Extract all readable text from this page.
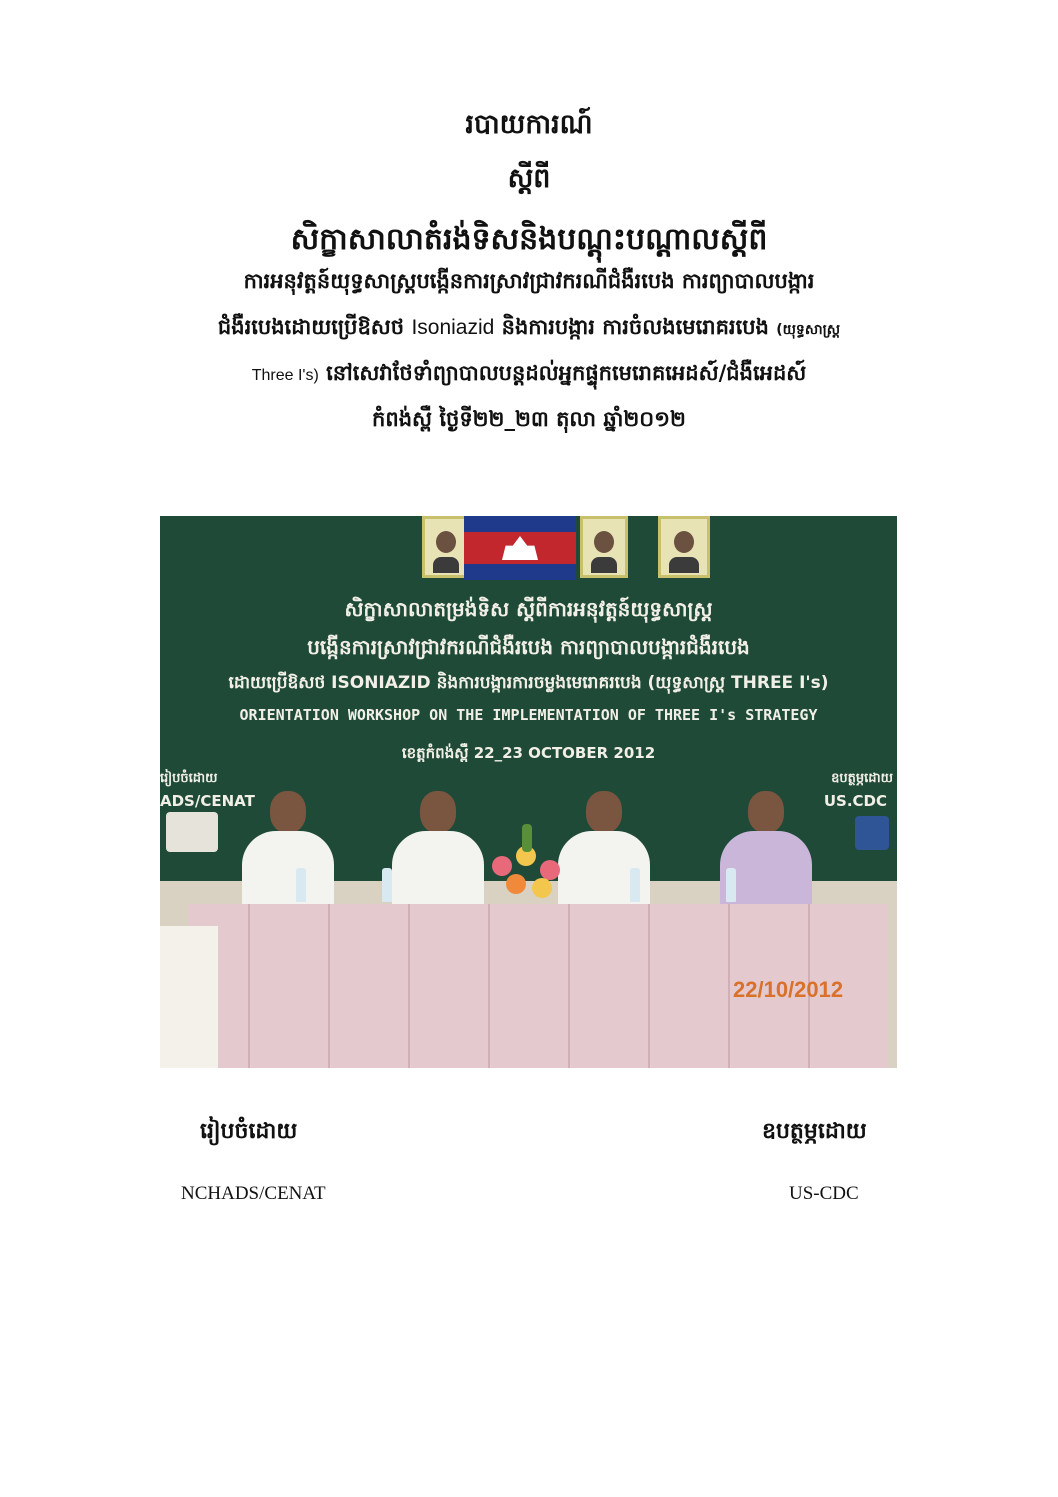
របាយការណ៍
ស្តីពី
សិក្ខាសាលាតំរង់ទិសនិងបណ្តុះបណ្តាលស្តីពី
ការអនុវត្តន៍យុទ្ធសាស្ត្របង្កើនការស្រាវជ្រាវករណីជំងឺរបេង ការព្យាបាលបង្ការ
ជំងឺរបេងដោយប្រើឱសថ Isoniazid និងការបង្ការ ការចំលងមេរោគរបេង (យុទ្ធសាស្ត្រ
Three I's) នៅសេវាថែទាំព្យាបាលបន្តដល់អ្នកផ្ទុកមេរោគអេដស៍/ជំងឺអេដស៍
កំពង់ស្ពឺ ថ្ងៃទី២២_២៣ តុលា ឆ្នាំ២០១២
សិក្ខាសាលាតម្រង់ទិស ស្តីពីការអនុវត្តន៍យុទ្ធសាស្ត្រ
បង្កើនការស្រាវជ្រាវករណីជំងឺរបេង ការព្យាបាលបង្ការជំងឺរបេង
ដោយប្រើឱសថ ISONIAZID និងការបង្ការការចម្លងមេរោគរបេង (យុទ្ធសាស្ត្រ THREE I's)
ORIENTATION WORKSHOP ON THE IMPLEMENTATION OF THREE I's STRATEGY
ខេត្តកំពង់ស្ពឺ 22_23 OCTOBER 2012
រៀបចំដោយ
ADS/CENAT
ឧបត្ថម្ភដោយ
US.CDC
22/10/2012
រៀបចំដោយ	ឧបត្ថម្ភដោយ
NCHADS/CENAT	US-CDC
